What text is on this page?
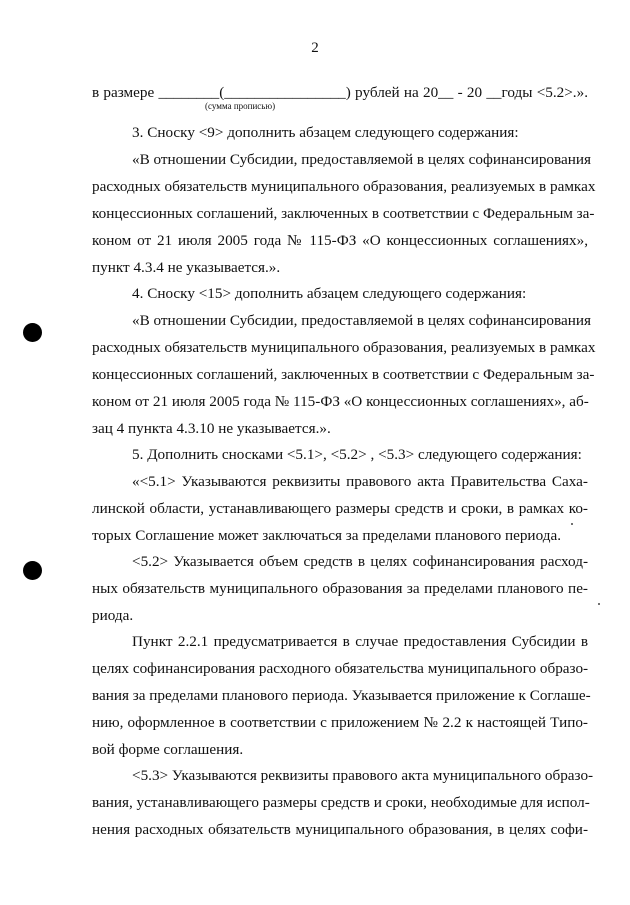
2
в размере ________(________________) рублей на 20__ - 20 __годы <5.2>.».
(сумма прописью)
3. Сноску <9> дополнить абзацем следующего содержания:
«В отношении Субсидии, предоставляемой в целях софинансирования
расходных обязательств муниципального образования, реализуемых в рамках
концессионных соглашений, заключенных в соответствии с Федеральным за-
коном от 21 июля 2005 года № 115-ФЗ «О концессионных соглашениях»,
пункт 4.3.4 не указывается.».
4. Сноску <15> дополнить абзацем следующего содержания:
«В отношении Субсидии, предоставляемой в целях софинансирования
расходных обязательств муниципального образования, реализуемых в рамках
концессионных соглашений, заключенных в соответствии с Федеральным за-
коном от 21 июля 2005 года № 115-ФЗ «О концессионных соглашениях», аб-
зац 4 пункта 4.3.10 не указывается.».
5. Дополнить сносками <5.1>, <5.2> , <5.3> следующего содержания:
«<5.1> Указываются реквизиты правового акта Правительства Саха-
линской области, устанавливающего размеры средств и сроки, в рамках ко-
торых Соглашение может заключаться за пределами планового периода.
<5.2> Указывается объем средств в целях софинансирования расход-
ных обязательств муниципального образования за пределами планового пе-
риода.
Пункт 2.2.1 предусматривается в случае предоставления Субсидии в
целях софинансирования расходного обязательства муниципального образо-
вания за пределами планового периода. Указывается приложение к Соглаше-
нию, оформленное в соответствии с приложением № 2.2 к настоящей Типо-
вой форме соглашения.
<5.3> Указываются реквизиты правового акта муниципального образо-
вания, устанавливающего размеры средств и сроки, необходимые для испол-
нения расходных обязательств муниципального образования, в целях софи-
